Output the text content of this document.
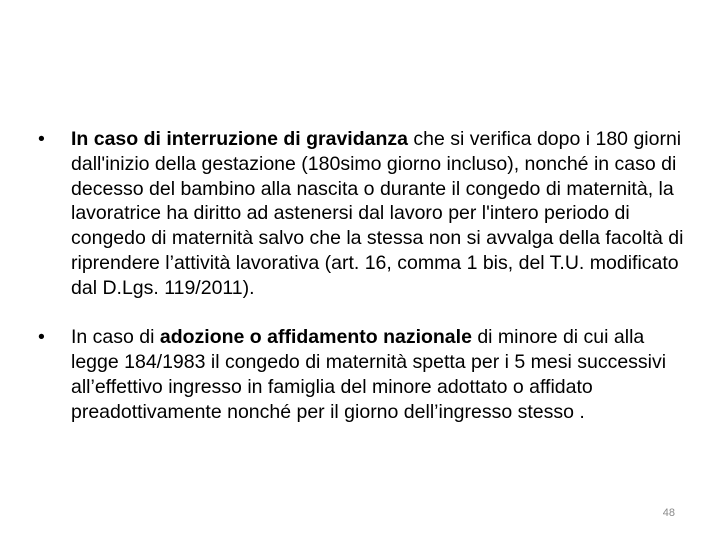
•	In caso di interruzione di gravidanza che si verifica dopo i 180 giorni dall'inizio della gestazione (180simo giorno incluso), nonché in caso di decesso del bambino alla nascita o durante il congedo di maternità, la lavoratrice ha diritto ad astenersi dal lavoro per l'intero periodo di congedo di maternità salvo che la stessa non si avvalga della facoltà di riprendere l’attività lavorativa (art. 16, comma 1 bis, del T.U. modificato dal D.Lgs. 119/2011).
•	In caso di adozione o affidamento nazionale di minore di cui alla legge 184/1983 il congedo di maternità spetta per i 5 mesi successivi all’effettivo ingresso in famiglia del minore adottato o affidato preadottivamente nonché per il giorno dell’ingresso stesso .
48
